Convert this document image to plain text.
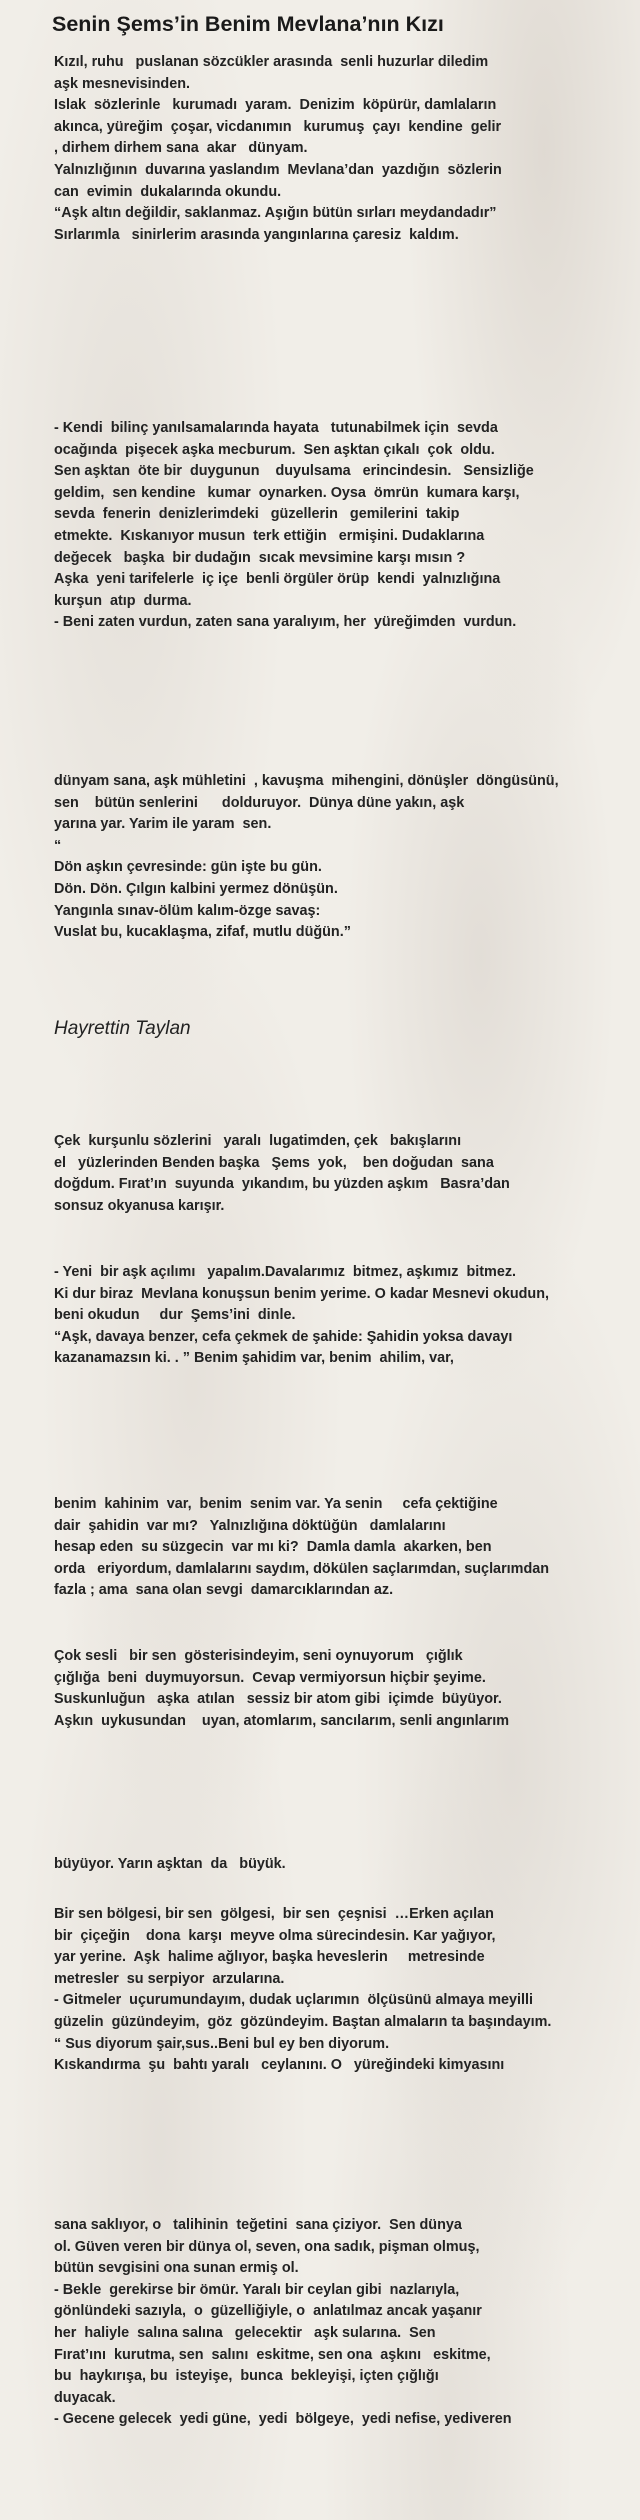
Senin Şems’in Benim Mevlana’nın Kızı
Kızıl, ruhu   puslanan sözcükler arasında  senli huzurlar diledim
aşk mesnevisinden.
Islak  sözlerinle   kurumadı  yaram.  Denizim  köpürür, damlaların
akınca, yüreğim  çoşar, vicdanımın   kurumuş  çayı  kendine  gelir
, dirhem dirhem sana  akar   dünyam.
Yalnızlığının  duvarına yaslandım  Mevlana’dan  yazdığın  sözlerin
can  evimin  dukalarında okundu.
“Aşk altın değildir, saklanmaz. Aşığın bütün sırları meydandadır”
Sırlarımla   sinirlerim arasında yangınlarına çaresiz  kaldım.
- Kendi  bilinç yanılsamalarında hayata   tutunabilmek için  sevda
ocağında  pişecek aşka mecburum.  Sen aşktan çıkalı  çok  oldu.
Sen aşktan  öte bir  duygunun    duyulsama   erincindesin.   Sensizliğe
geldim,  sen kendine   kumar  oynarken. Oysa  ömrün  kumara karşı,
sevda  fenerin  denizlerimdeki   güzellerin   gemilerini  takip
etmekte.  Kıskanıyor musun  terk ettiğin   ermişini. Dudaklarına
değecek   başka  bir dudağın  sıcak mevsimine karşı mısın ?
Aşka  yeni tarifelerle  iç içe  benli örgüler örüp  kendi  yalnızlığına
kurşun  atıp  durma.
- Beni zaten vurdun, zaten sana yaralıyım, her  yüreğimden  vurdun.
dünyam sana, aşk mühletini  , kavuşma  mihengini, dönüşler  döngüsünü,
sen    bütün senlerini      dolduruyor.  Dünya düne yakın, aşk
yarına yar. Yarim ile yaram  sen.
“
Dön aşkın çevresinde: gün işte bu gün.
Dön. Dön. Çılgın kalbini yermez dönüşün.
Yangınla sınav-ölüm kalım-özge savaş:
Vuslat bu, kucaklaşma, zifaf, mutlu düğün.”

Hayrettin Taylan

Çek  kurşunlu sözlerini   yaralı  lugatimden, çek   bakışlarını
el   yüzlerinden Benden başka   Şems  yok,    ben doğudan  sana
doğdum. Fırat’ın  suyunda  yıkandım, bu yüzden aşkım   Basra’dan
sonsuz okyanusa karışır.
- Yeni  bir aşk açılımı   yapalım.Davalarımız  bitmez, aşkımız  bitmez.
Ki dur biraz  Mevlana konuşsun benim yerime. O kadar Mesnevi okudun,
beni okudun     dur  Şems’ini  dinle.
“Aşk, davaya benzer, cefa çekmek de şahide: Şahidin yoksa davayı
kazanamazsın ki. . ” Benim şahidim var, benim  ahilim, var,
benim  kahinim  var,  benim  senim var. Ya senin     cefa çektiğine
dair  şahidin  var mı?   Yalnızlığına döktüğün   damlalarını
hesap eden  su süzgecin  var mı ki?  Damla damla  akarken, ben
orda   eriyordum, damlalarını saydım, dökülen saçlarımdan, suçlarımdan
fazla ; ama  sana olan sevgi  damarcıklarından az.
Çok sesli   bir sen  gösterisindeyim, seni oynuyorum   çığlık
çığlığa  beni  duymuyorsun.  Cevap vermiyorsun hiçbir şeyime.
Suskunluğun   aşka  atılan   sessiz bir atom gibi  içimde  büyüyor.
Aşkın  uykusundan    uyan, atomlarım, sancılarım, senli angınlarım
büyüyor. Yarın aşktan  da   büyük.
Bir sen bölgesi, bir sen  gölgesi,  bir sen  çeşnisi  …Erken açılan
bir  çiçeğin    dona  karşı  meyve olma sürecindesin. Kar yağıyor,
yar yerine.  Aşk  halime ağlıyor, başka heveslerin     metresinde
metresler  su serpiyor  arzularına.
- Gitmeler  uçurumundayım, dudak uçlarımın  ölçüsünü almaya meyilli
güzelin  güzündeyim,  göz  gözündeyim. Baştan almaların ta başındayım.
“ Sus diyorum şair,sus..Beni bul ey ben diyorum.
Kıskandırma  şu  bahtı yaralı   ceylanını. O   yüreğindeki kimyasını
sana saklıyor, o   talihinin  teğetini  sana çiziyor.  Sen dünya
ol. Güven veren bir dünya ol, seven, ona sadık, pişman olmuş,
bütün sevgisini ona sunan ermiş ol.
- Bekle  gerekirse bir ömür. Yaralı bir ceylan gibi  nazlarıyla,
gönlündeki sazıyla,  o  güzelliğiyle, o  anlatılmaz ancak yaşanır
her  haliyle  salına salına   gelecektir   aşk sularına.  Sen
Fırat’ını  kurutma, sen  salını  eskitme, sen ona  aşkını   eskitme,
bu  haykırışa, bu  isteyişe,  bunca  bekleyişi, içten çığlığı
duyacak.
- Gecene gelecek  yedi güne,  yedi  bölgeye,  yedi nefise, yediveren
